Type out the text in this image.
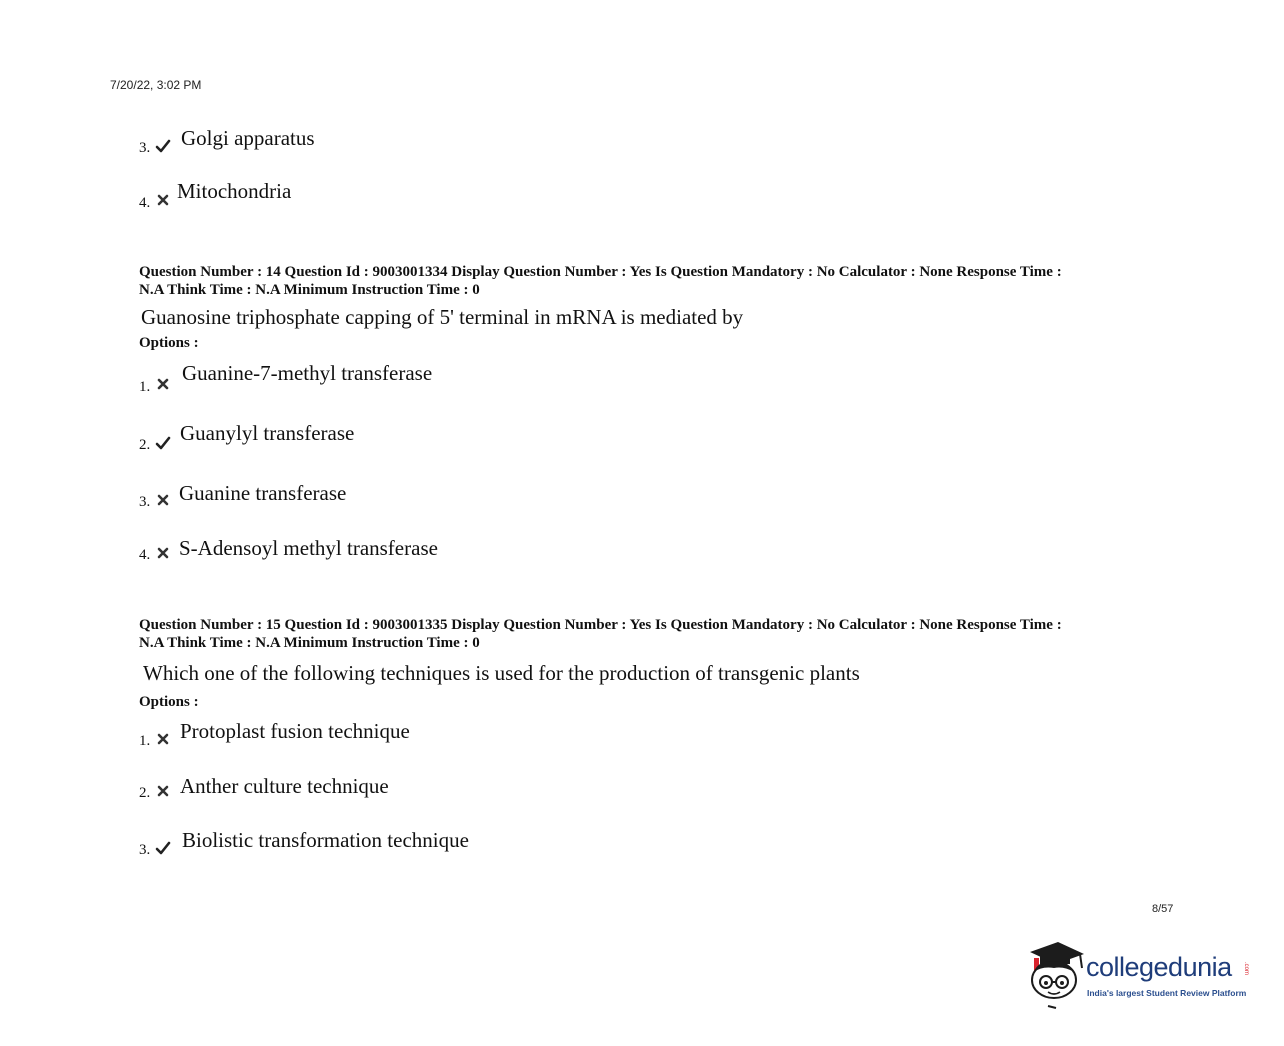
7/20/22, 3:02 PM
3. Golgi apparatus
4. Mitochondria
Question Number : 14 Question Id : 9003001334 Display Question Number : Yes Is Question Mandatory : No Calculator : None Response Time :
N.A Think Time : N.A Minimum Instruction Time : 0
Guanosine triphosphate capping of 5' terminal in mRNA is mediated by
Options :
1.
Guanine-7-methyl transferase
2. Guanylyl transferase
3. Guanine transferase
4. S-Adensoyl methyl transferase
Question Number : 15 Question Id : 9003001335 Display Question Number : Yes Is Question Mandatory : No Calculator : None Response Time :
N.A Think Time : N.A Minimum Instruction Time : 0
Which one of the following techniques is used for the production of transgenic plants
Options :
1. Protoplast fusion technique
2. Anther culture technique
3. Biolistic transformation technique
8/57
collegedunia .com
India's largest Student Review Platform
